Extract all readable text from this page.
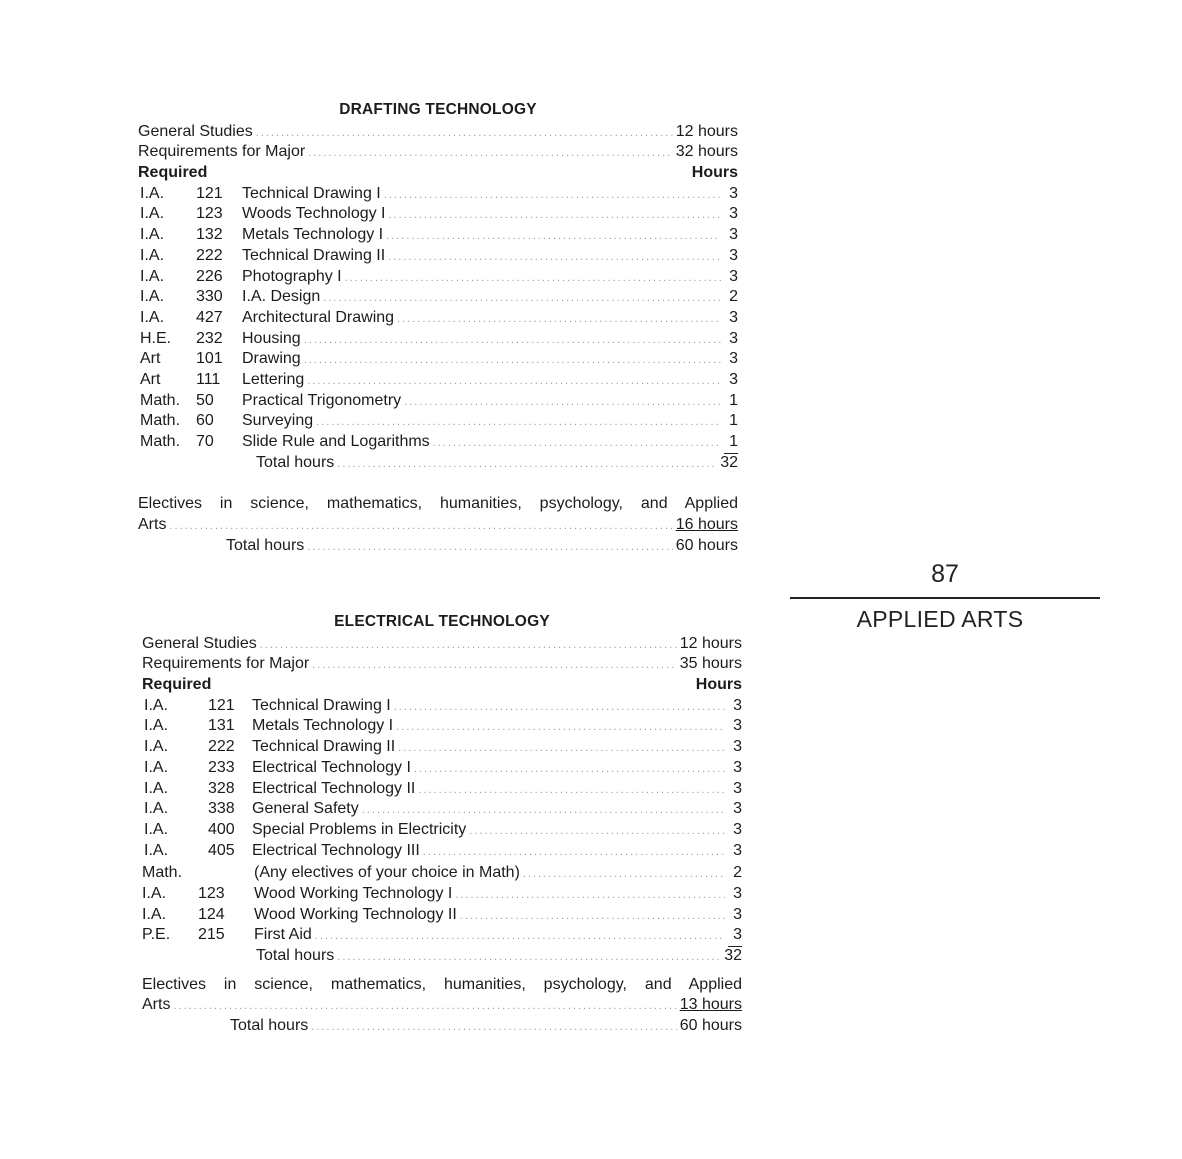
DRAFTING TECHNOLOGY
General Studies .....	12 hours
Requirements for Major .....	32 hours
Required	Hours
I.A.	121	Technical Drawing I .....	3
I.A.	123	Woods Technology I .....	3
I.A.	132	Metals Technology I .....	3
I.A.	222	Technical Drawing II .....	3
I.A.	226	Photography I .....	3
I.A.	330	I.A. Design .....	2
I.A.	427	Architectural Drawing .....	3
H.E.	232	Housing .....	3
Art	101	Drawing .....	3
Art	111	Lettering .....	3
Math. 50	Practical Trigonometry .....	1
Math. 60	Surveying .....	1
Math. 70	Slide Rule and Logarithms .....	1
Total hours .....	32
Electives in science, mathematics, humanities, psychology, and Applied
Arts .....	16 hours
Total hours .....	60 hours
ELECTRICAL TECHNOLOGY
General Studies .....	12 hours
Requirements for Major .....	35 hours
Required	Hours
I.A.	121	Technical Drawing I .....	3
I.A.	131	Metals Technology I .....	3
I.A.	222	Technical Drawing II .....	3
I.A.	233	Electrical Technology I .....	3
I.A.	328	Electrical Technology II .....	3
I.A.	338	General Safety .....	3
I.A.	400	Special Problems in Electricity .....	3
I.A.	405	Electrical Technology III .....	3
Math.	(Any electives of your choice in Math) .....	2
I.A.	123	Wood Working Technology I .....	3
I.A.	124	Wood Working Technology II .....	3
P.E.	215	First Aid .....	3
Total hours .....	32
Electives in science, mathematics, humanities, psychology, and Applied
Arts .....	13 hours
Total hours .....	60 hours
87
APPLIED ARTS
